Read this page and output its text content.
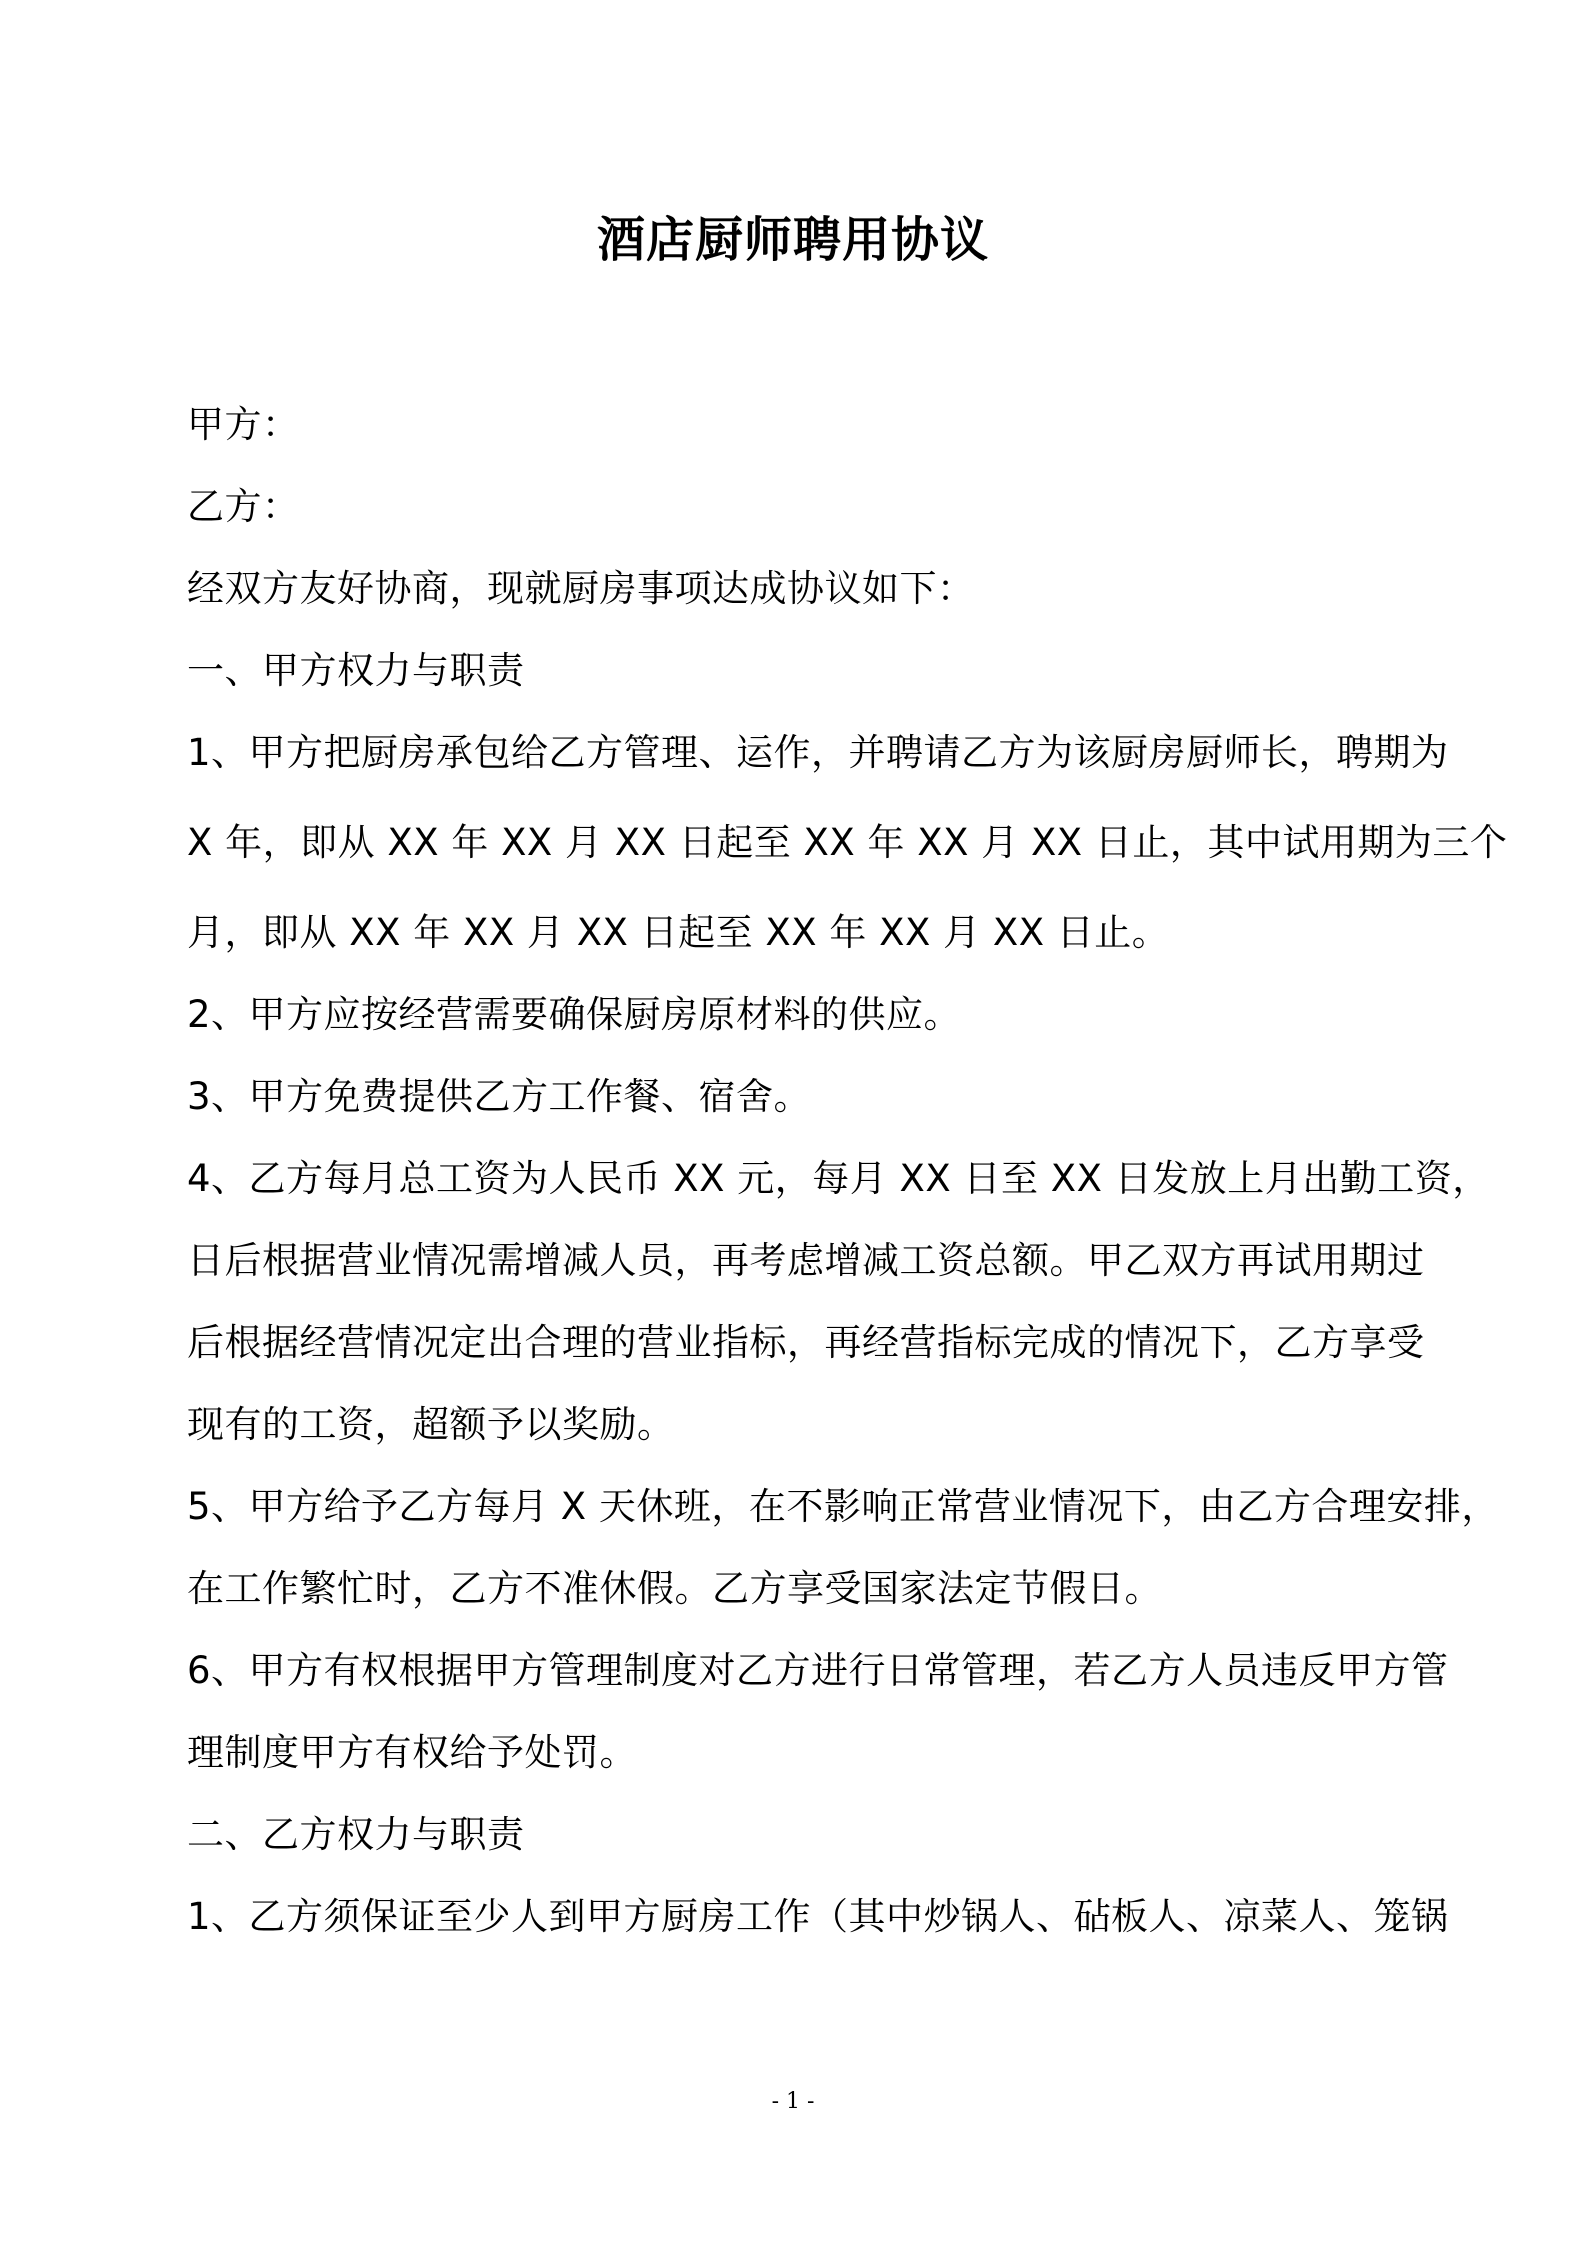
酒店厨师聘用协议

甲方：

乙方：

经双方友好协商，现就厨房事项达成协议如下：

一、甲方权力与职责

1、甲方把厨房承包给乙方管理、运作，并聘请乙方为该厨房厨师长，聘期为

X 年，即从 XX 年 XX 月 XX 日起至 XX 年 XX 月 XX 日止，其中试用期为三个

月，即从 XX 年 XX 月 XX 日起至 XX 年 XX 月 XX 日止。

2、甲方应按经营需要确保厨房原材料的供应。

3、甲方免费提供乙方工作餐、宿舍。

4、乙方每月总工资为人民币 XX 元，每月 XX 日至 XX 日发放上月出勤工资，

日后根据营业情况需增减人员，再考虑增减工资总额。甲乙双方再试用期过

后根据经营情况定出合理的营业指标，再经营指标完成的情况下，乙方享受

现有的工资，超额予以奖励。

5、甲方给予乙方每月 X 天休班，在不影响正常营业情况下，由乙方合理安排，

在工作繁忙时，乙方不准休假。乙方享受国家法定节假日。

6、甲方有权根据甲方管理制度对乙方进行日常管理，若乙方人员违反甲方管

理制度甲方有权给予处罚。

二、乙方权力与职责

1、乙方须保证至少人到甲方厨房工作（其中炒锅人、砧板人、凉菜人、笼锅

- 1 -
